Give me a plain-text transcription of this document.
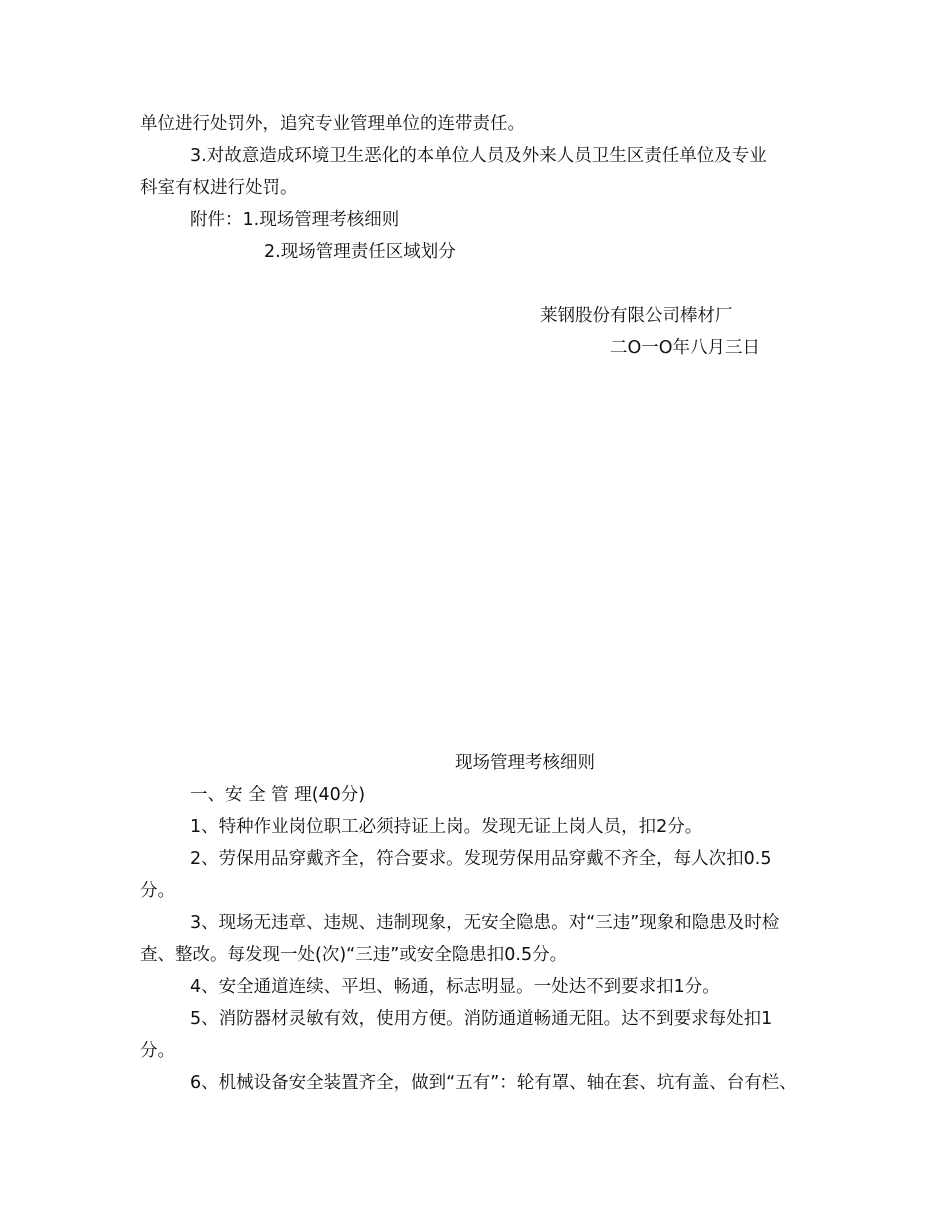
单位进行处罚外，追究专业管理单位的连带责任。
3.对故意造成环境卫生恶化的本单位人员及外来人员卫生区责任单位及专业
科室有权进行处罚。
附件：1.现场管理考核细则
2.现场管理责任区域划分
莱钢股份有限公司棒材厂
二O一O年八月三日
现场管理考核细则
一、安 全 管 理(40分)
1、特种作业岗位职工必须持证上岗。发现无证上岗人员，扣2分。
2、劳保用品穿戴齐全，符合要求。发现劳保用品穿戴不齐全，每人次扣0.5
分。
3、现场无违章、违规、违制现象，无安全隐患。对“三违”现象和隐患及时检
查、整改。每发现一处(次)“三违”或安全隐患扣0.5分。
4、安全通道连续、平坦、畅通，标志明显。一处达不到要求扣1分。
5、消防器材灵敏有效，使用方便。消防通道畅通无阻。达不到要求每处扣1
分。
6、机械设备安全装置齐全，做到“五有”：轮有罩、轴在套、坑有盖、台有栏、
